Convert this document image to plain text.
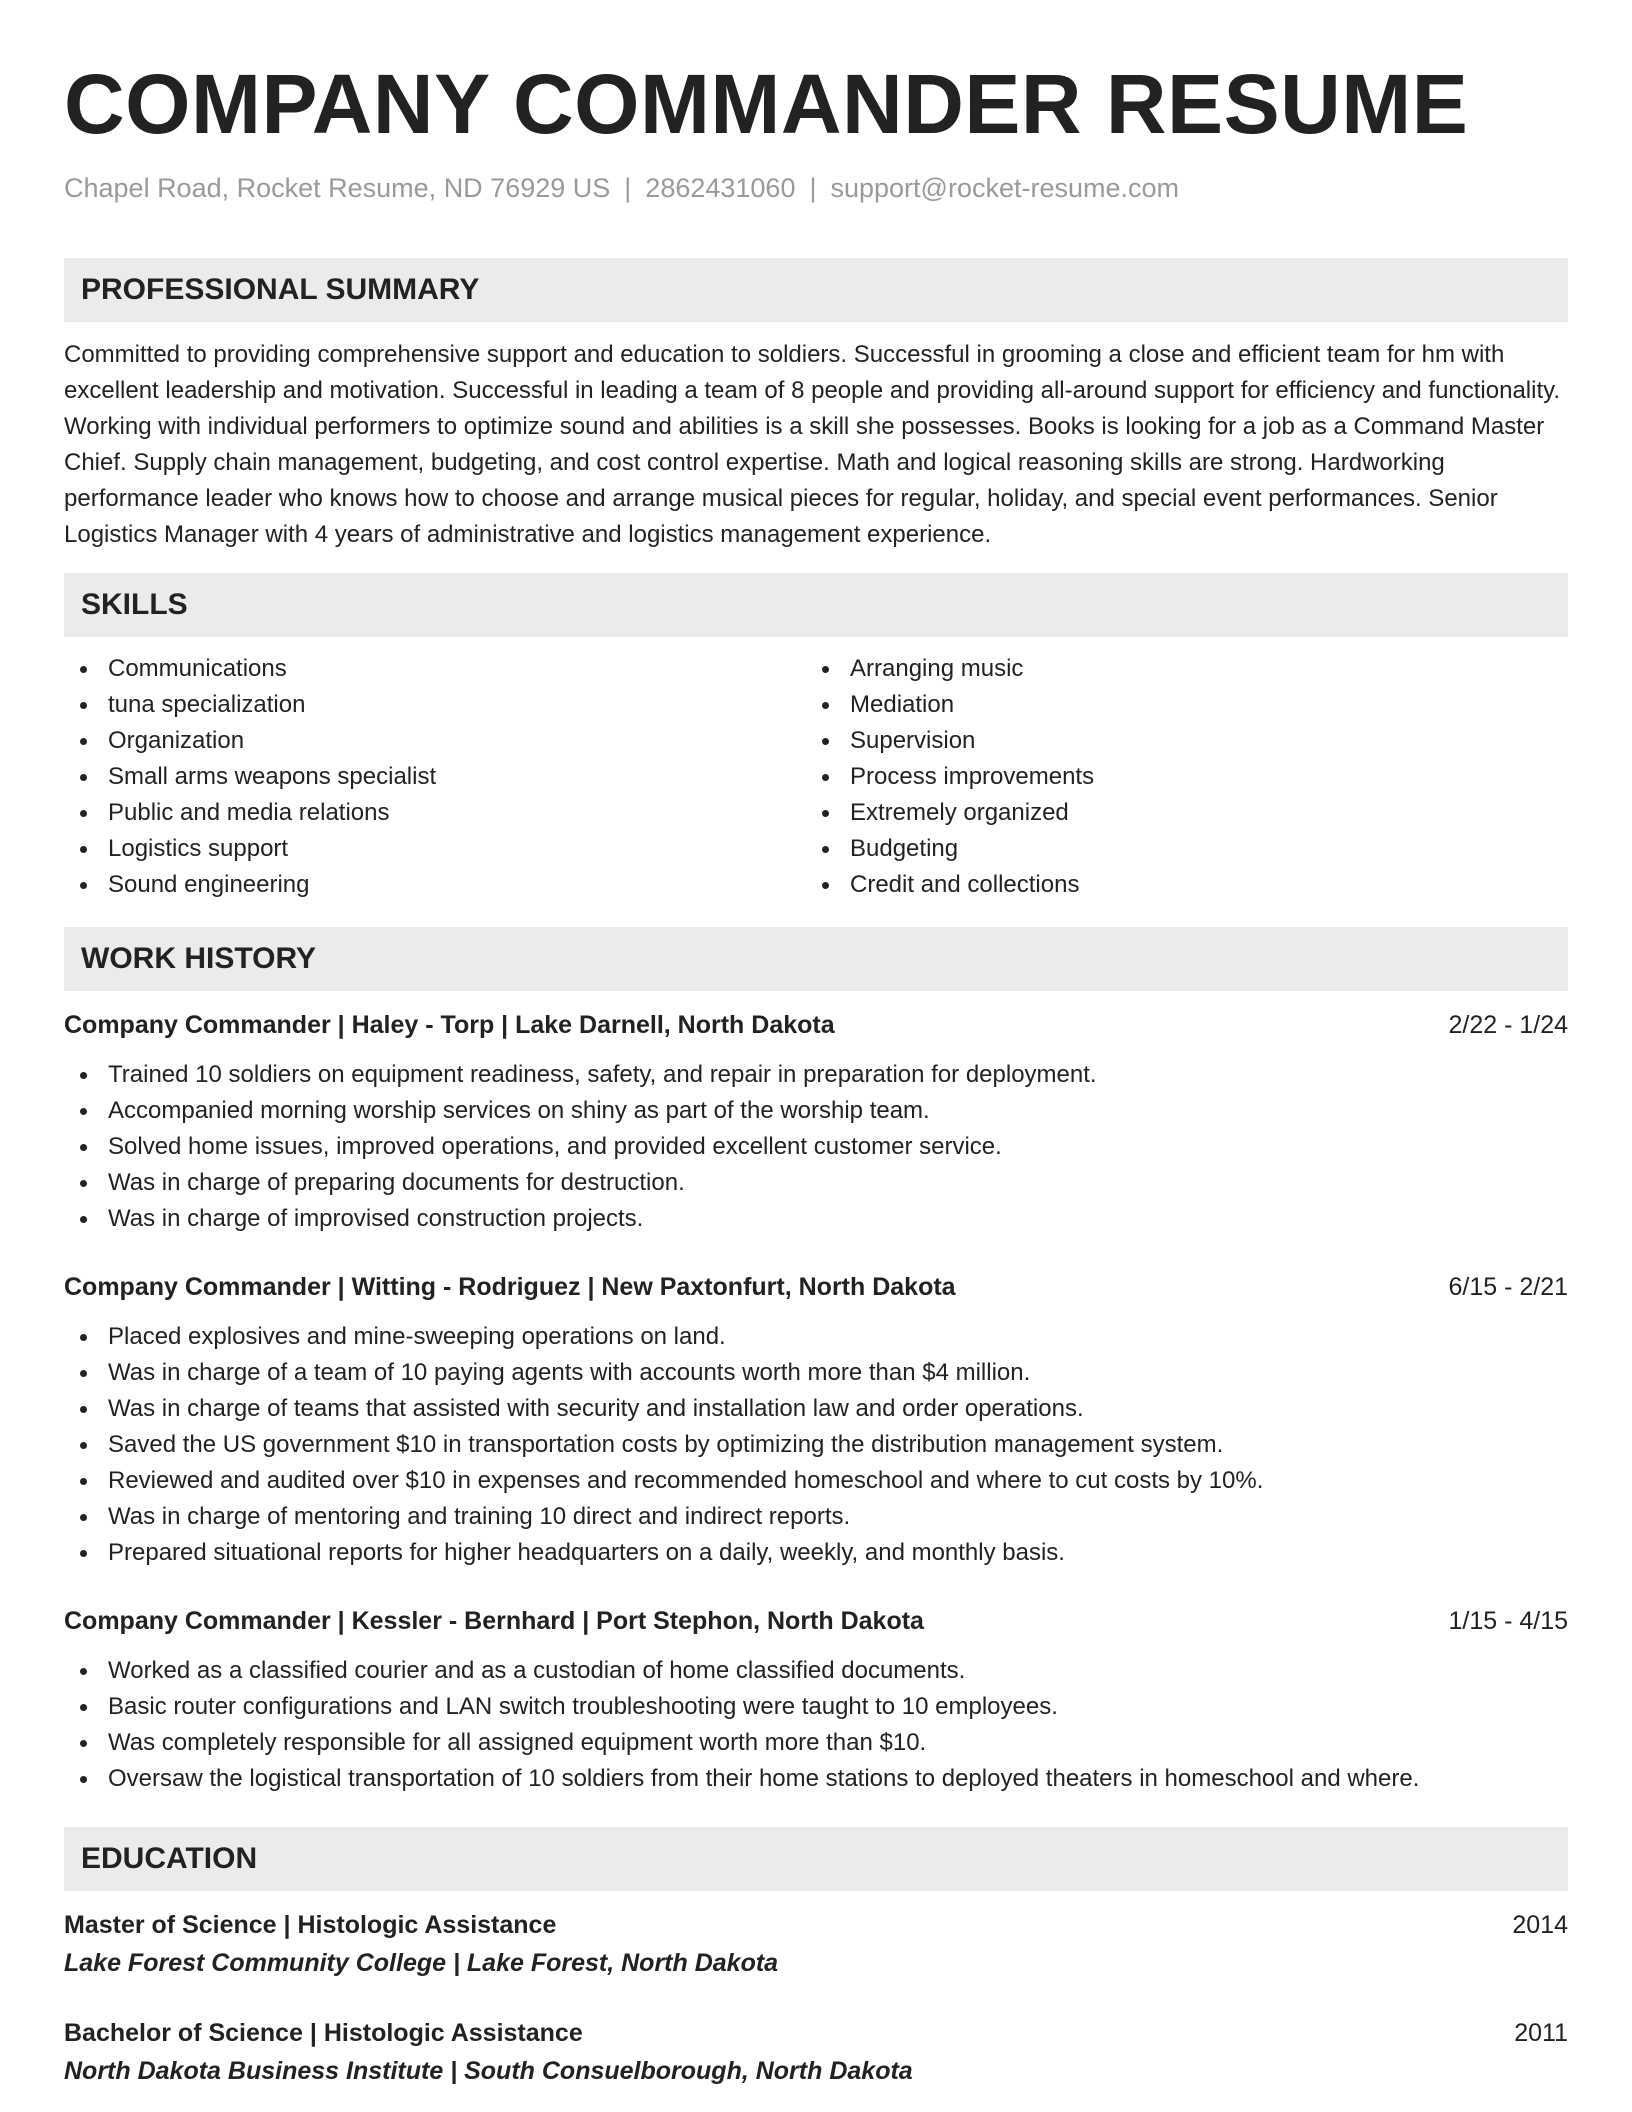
COMPANY COMMANDER RESUME
Chapel Road, Rocket Resume, ND 76929 US | 2862431060 | support@rocket-resume.com
PROFESSIONAL SUMMARY

Committed to providing comprehensive support and education to soldiers. Successful in grooming a close and efficient team for hm with excellent leadership and motivation. Successful in leading a team of 8 people and providing all-around support for efficiency and functionality. Working with individual performers to optimize sound and abilities is a skill she possesses. Books is looking for a job as a Command Master Chief. Supply chain management, budgeting, and cost control expertise. Math and logical reasoning skills are strong. Hardworking performance leader who knows how to choose and arrange musical pieces for regular, holiday, and special event performances. Senior Logistics Manager with 4 years of administrative and logistics management experience.

SKILLS
Communications
tuna specialization
Organization
Small arms weapons specialist
Public and media relations
Logistics support
Sound engineering
Arranging music
Mediation
Supervision
Process improvements
Extremely organized
Budgeting
Credit and collections
WORK HISTORY
Company Commander | Haley - Torp | Lake Darnell, North Dakota	2/22 - 1/24
Trained 10 soldiers on equipment readiness, safety, and repair in preparation for deployment.
Accompanied morning worship services on shiny as part of the worship team.
Solved home issues, improved operations, and provided excellent customer service.
Was in charge of preparing documents for destruction.
Was in charge of improvised construction projects.
Company Commander | Witting - Rodriguez | New Paxtonfurt, North Dakota	6/15 - 2/21
Placed explosives and mine-sweeping operations on land.
Was in charge of a team of 10 paying agents with accounts worth more than $4 million.
Was in charge of teams that assisted with security and installation law and order operations.
Saved the US government $10 in transportation costs by optimizing the distribution management system.
Reviewed and audited over $10 in expenses and recommended homeschool and where to cut costs by 10%.
Was in charge of mentoring and training 10 direct and indirect reports.
Prepared situational reports for higher headquarters on a daily, weekly, and monthly basis.
Company Commander | Kessler - Bernhard | Port Stephon, North Dakota	1/15 - 4/15
Worked as a classified courier and as a custodian of home classified documents.
Basic router configurations and LAN switch troubleshooting were taught to 10 employees.
Was completely responsible for all assigned equipment worth more than $10.
Oversaw the logistical transportation of 10 soldiers from their home stations to deployed theaters in homeschool and where.
EDUCATION
Master of Science | Histologic Assistance	2014
Lake Forest Community College | Lake Forest, North Dakota
Bachelor of Science | Histologic Assistance	2011
North Dakota Business Institute | South Consuelborough, North Dakota
